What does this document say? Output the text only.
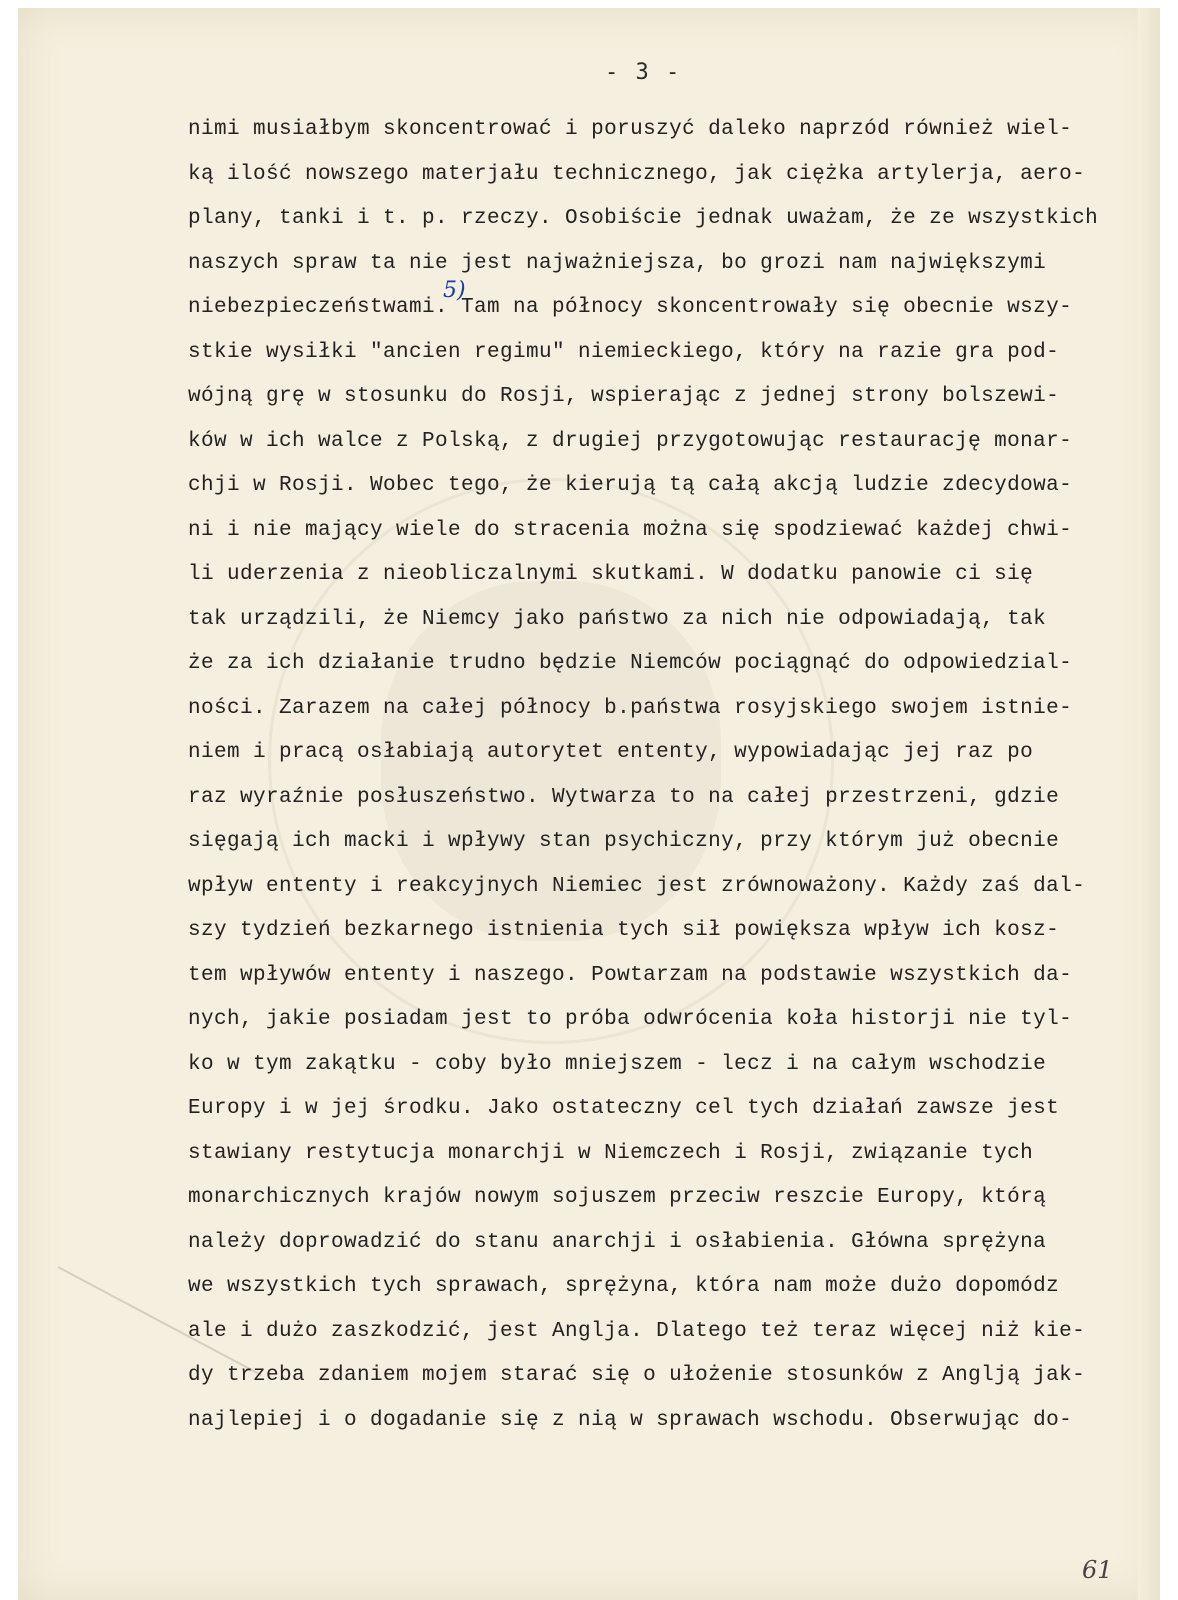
- 3 -
nimi musiałbym skoncentrować i poruszyć daleko naprzód również wiel-
ką ilość nowszego materjału technicznego, jak ciężka artylerja, aero-
plany, tanki i t. p. rzeczy. Osobiście jednak uważam, że ze wszystkich
naszych spraw ta nie jest najważniejsza, bo grozi nam największymi
niebezpieczeństwami. Tam na północy skoncentrowały się obecnie wszy-
stkie wysiłki "ancien regimu" niemieckiego, który na razie gra pod-
wójną grę w stosunku do Rosji, wspierając z jednej strony bolszewi-
ków w ich walce z Polską, z drugiej przygotowując restaurację monar-
chji w Rosji. Wobec tego, że kierują tą całą akcją ludzie zdecydowa-
ni i nie mający wiele do stracenia można się spodziewać każdej chwi-
li uderzenia z nieobliczalnymi skutkami. W dodatku panowie ci się
tak urządzili, że Niemcy jako państwo za nich nie odpowiadają, tak
że za ich działanie trudno będzie Niemców pociągnąć do odpowiedzial-
ności. Zarazem na całej północy b.państwa rosyjskiego swojem istnie-
niem i pracą osłabiają autorytet ententy, wypowiadając jej raz po
raz wyraźnie posłuszeństwo. Wytwarza to na całej przestrzeni, gdzie
sięgają ich macki i wpływy stan psychiczny, przy którym już obecnie
wpływ ententy i reakcyjnych Niemiec jest zrównoważony. Każdy zaś dal-
szy tydzień bezkarnego istnienia tych sił powiększa wpływ ich kosz-
tem wpływów ententy i naszego. Powtarzam na podstawie wszystkich da-
nych, jakie posiadam jest to próba odwrócenia koła historji nie tyl-
ko w tym zakątku - coby było mniejszem - lecz i na całym wschodzie
Europy i w jej środku. Jako ostateczny cel tych działań zawsze jest
stawiany restytucja monarchji w Niemczech i Rosji, związanie tych
monarchicznych krajów nowym sojuszem przeciw reszcie Europy, którą
należy doprowadzić do stanu anarchji i osłabienia. Główna sprężyna
we wszystkich tych sprawach, sprężyna, która nam może dużo dopomódz
ale i dużo zaszkodzić, jest Anglja. Dlatego też teraz więcej niż kie-
dy trzeba zdaniem mojem starać się o ułożenie stosunków z Anglją jak-
najlepiej i o dogadanie się z nią w sprawach wschodu. Obserwując do-
5)
61
